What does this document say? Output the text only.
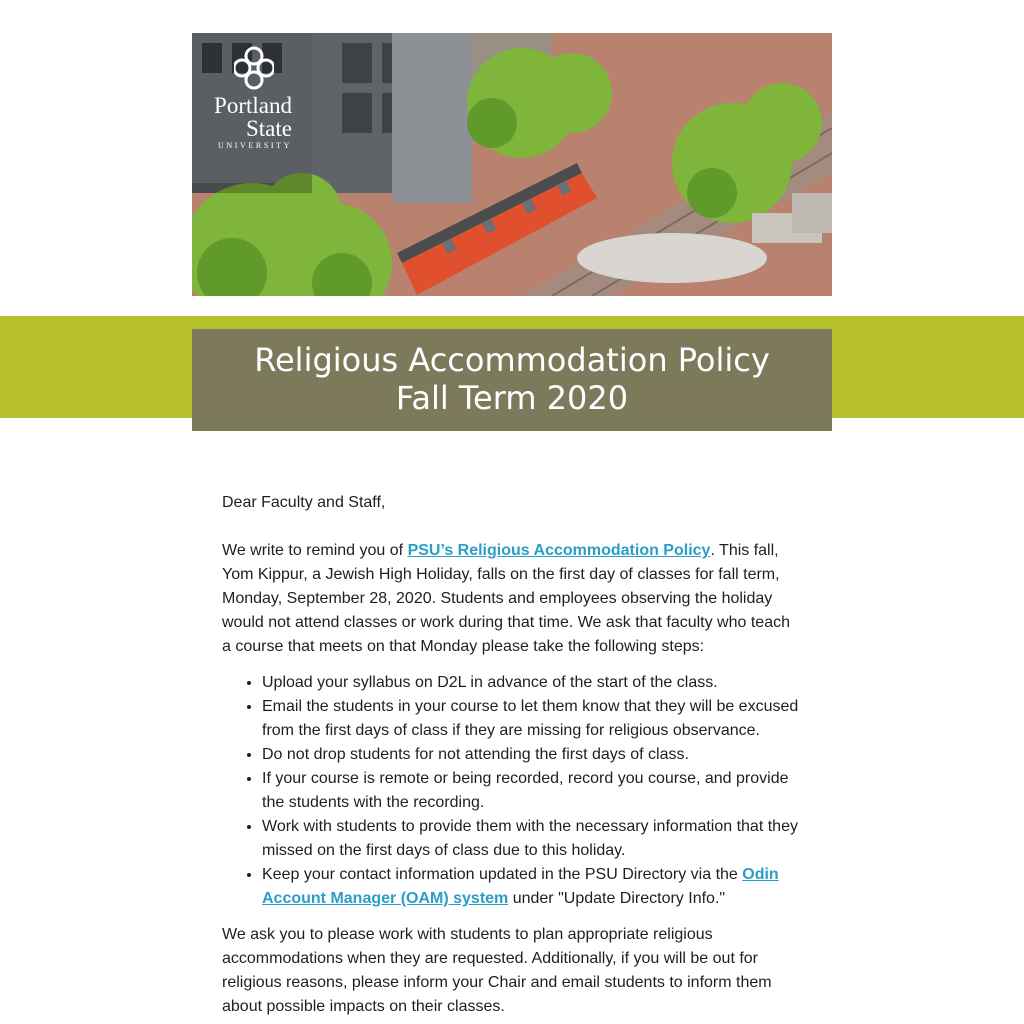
Portland
State
UNIVERSITY
Religious Accommodation Policy
Fall Term 2020

Dear Faculty and Staff,

We write to remind you of PSU’s Religious Accommodation Policy. This fall, Yom Kippur, a Jewish High Holiday, falls on the first day of classes for fall term, Monday, September 28, 2020. Students and employees observing the holiday would not attend classes or work during that time. We ask that faculty who teach a course that meets on that Monday please take the following steps:

• Upload your syllabus on D2L in advance of the start of the class.
• Email the students in your course to let them know that they will be excused from the first days of class if they are missing for religious observance.
• Do not drop students for not attending the first days of class.
• If your course is remote or being recorded, record you course, and provide the students with the recording.
• Work with students to provide them with the necessary information that they missed on the first days of class due to this holiday.
• Keep your contact information updated in the PSU Directory via the Odin Account Manager (OAM) system under "Update Directory Info."

We ask you to please work with students to plan appropriate religious accommodations when they are requested. Additionally, if you will be out for religious reasons, please inform your Chair and email students to inform them about possible impacts on their classes.
